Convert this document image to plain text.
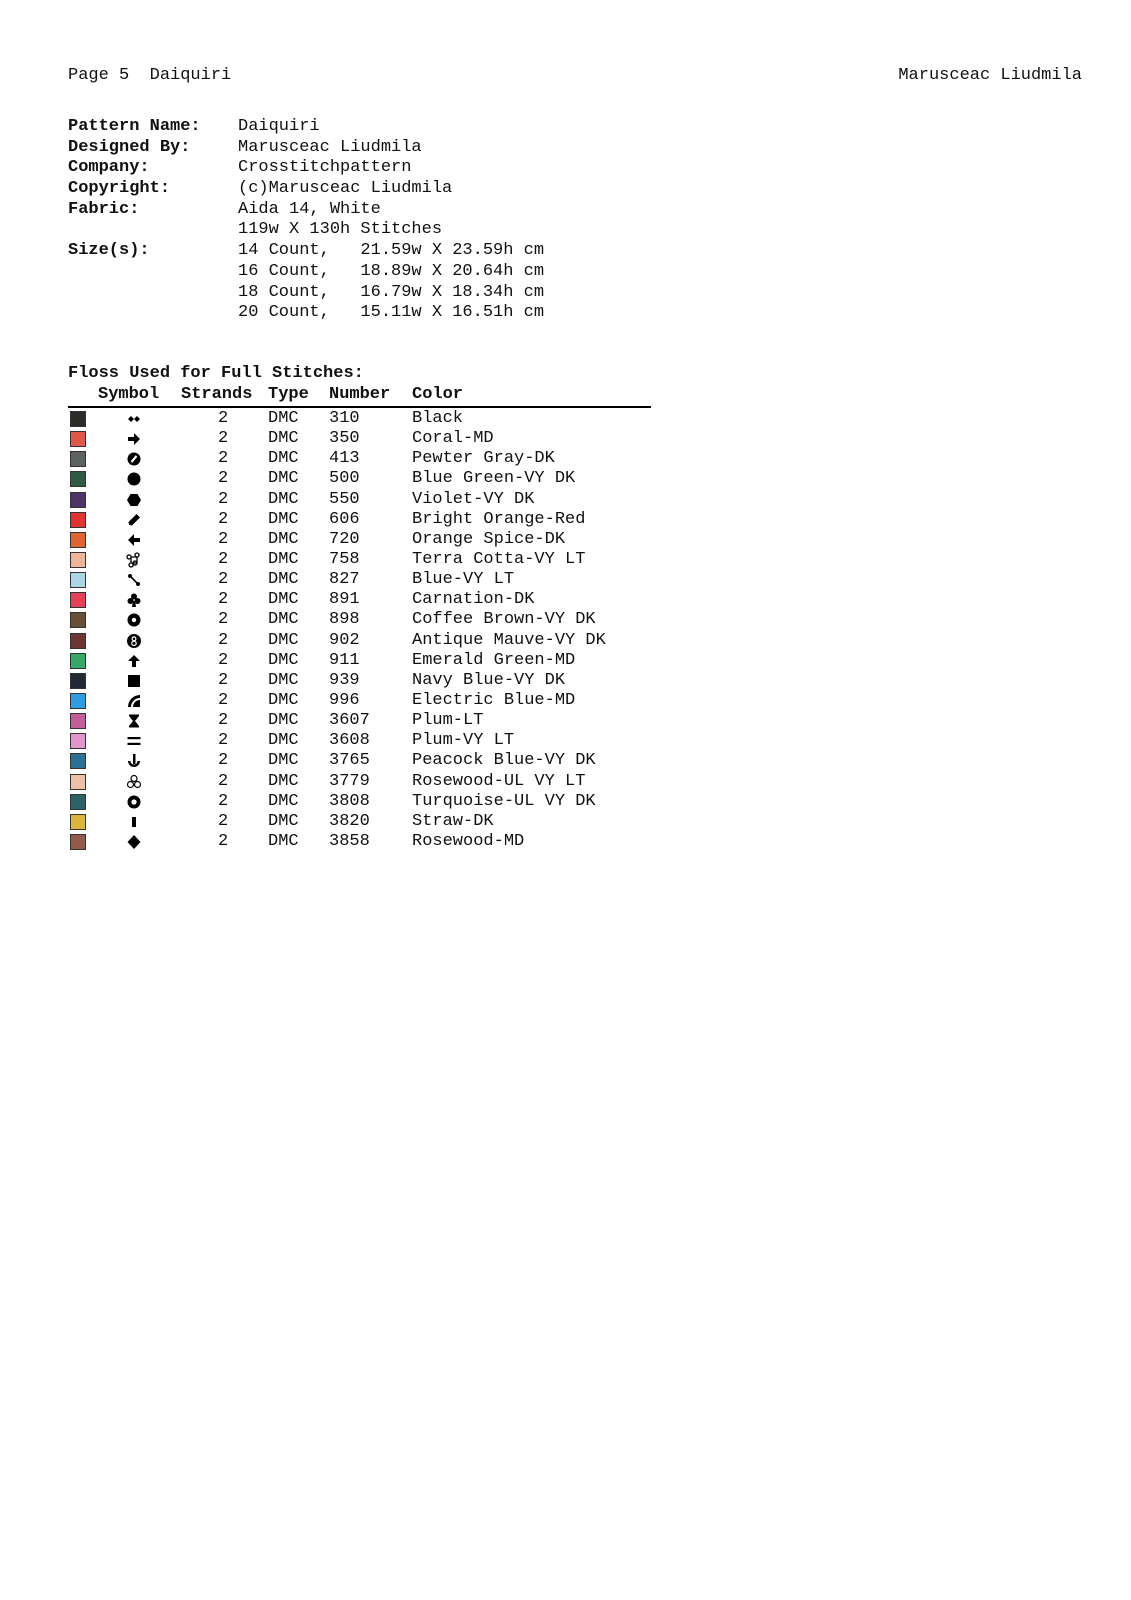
Page 5  Daiquiri	Marusceac Liudmila
Pattern Name:	Daiquiri
Designed By:	Marusceac Liudmila
Company:	Crosstitchpattern
Copyright:	(c)Marusceac Liudmila
Fabric:	Aida 14, White
119w X 130h Stitches
Size(s):	14 Count,   21.59w X 23.59h cm
16 Count,   18.89w X 20.64h cm
18 Count,   16.79w X 18.34h cm
20 Count,   15.11w X 16.51h cm
Floss Used for Full Stitches:
Symbol Strands Type Number Color
2 DMC 310	Black
2 DMC 350	Coral-MD
2 DMC 413	Pewter Gray-DK
2 DMC 500	Blue Green-VY DK
2 DMC 550	Violet-VY DK
2 DMC 606	Bright Orange-Red
2 DMC 720	Orange Spice-DK
2 DMC 758	Terra Cotta-VY LT
2 DMC 827	Blue-VY LT
2 DMC 891	Carnation-DK
2 DMC 898	Coffee Brown-VY DK
2 DMC 902	Antique Mauve-VY DK
2 DMC 911	Emerald Green-MD
2 DMC 939	Navy Blue-VY DK
2 DMC 996	Electric Blue-MD
2 DMC 3607 Plum-LT
2 DMC 3608 Plum-VY LT
2 DMC 3765 Peacock Blue-VY DK
2 DMC 3779 Rosewood-UL VY LT
2 DMC 3808 Turquoise-UL VY DK
2 DMC 3820 Straw-DK
2 DMC 3858 Rosewood-MD
